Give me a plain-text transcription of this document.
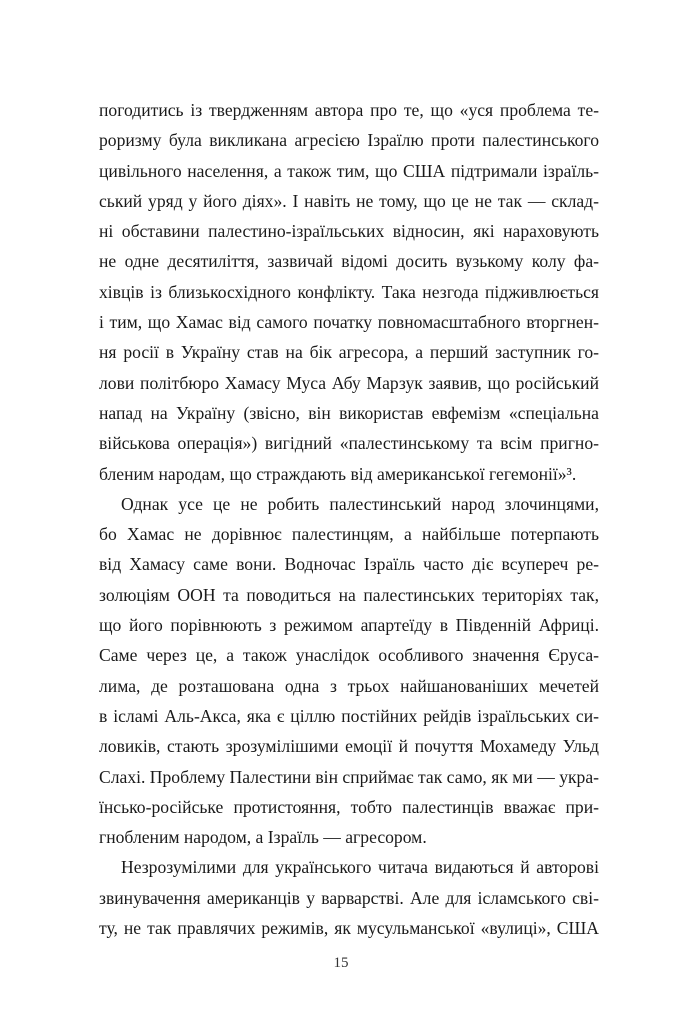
погодитись із твердженням автора про те, що «уся проблема те-
роризму була викликана агресією Ізраїлю проти палестинського
цивільного населення, а також тим, що США підтримали ізраїль-
ський уряд у його діях». І навіть не тому, що це не так — склад-
ні обставини палестино-ізраїльських відносин, які нараховують
не одне десятиліття, зазвичай відомі досить вузькому колу фа-
хівців із близькосхідного конфлікту. Така незгода підживлюється
і тим, що Хамас від самого початку повномасштабного вторгнен-
ня росії в Україну став на бік агресора, а перший заступник го-
лови політбюро Хамасу Муса Абу Марзук заявив, що російський
напад на Україну (звісно, він використав евфемізм «спеціальна
військова операція») вигідний «палестинському та всім пригно-
бленим народам, що страждають від американської гегемонії»³.

Однак усе це не робить палестинський народ злочинцями,
бо Хамас не дорівнює палестинцям, а найбільше потерпають
від Хамасу саме вони. Водночас Ізраїль часто діє всупереч ре-
золюціям ООН та поводиться на палестинських територіях так,
що його порівнюють з режимом апартеїду в Південній Африці.
Саме через це, а також унаслідок особливого значення Єруса-
лима, де розташована одна з трьох найшанованіших мечетей
в ісламі Аль-Акса, яка є ціллю постійних рейдів ізраїльських си-
ловиків, стають зрозумілішими емоції й почуття Мохамеду Ульд
Слахі. Проблему Палестини він сприймає так само, як ми — укра-
їнсько-російське протистояння, тобто палестинців вважає при-
гнобленим народом, а Ізраїль — агресором.

Незрозумілими для українського читача видаються й авторові
звинувачення американців у варварстві. Але для ісламського сві-
ту, не так правлячих режимів, як мусульманської «вулиці», США

15
